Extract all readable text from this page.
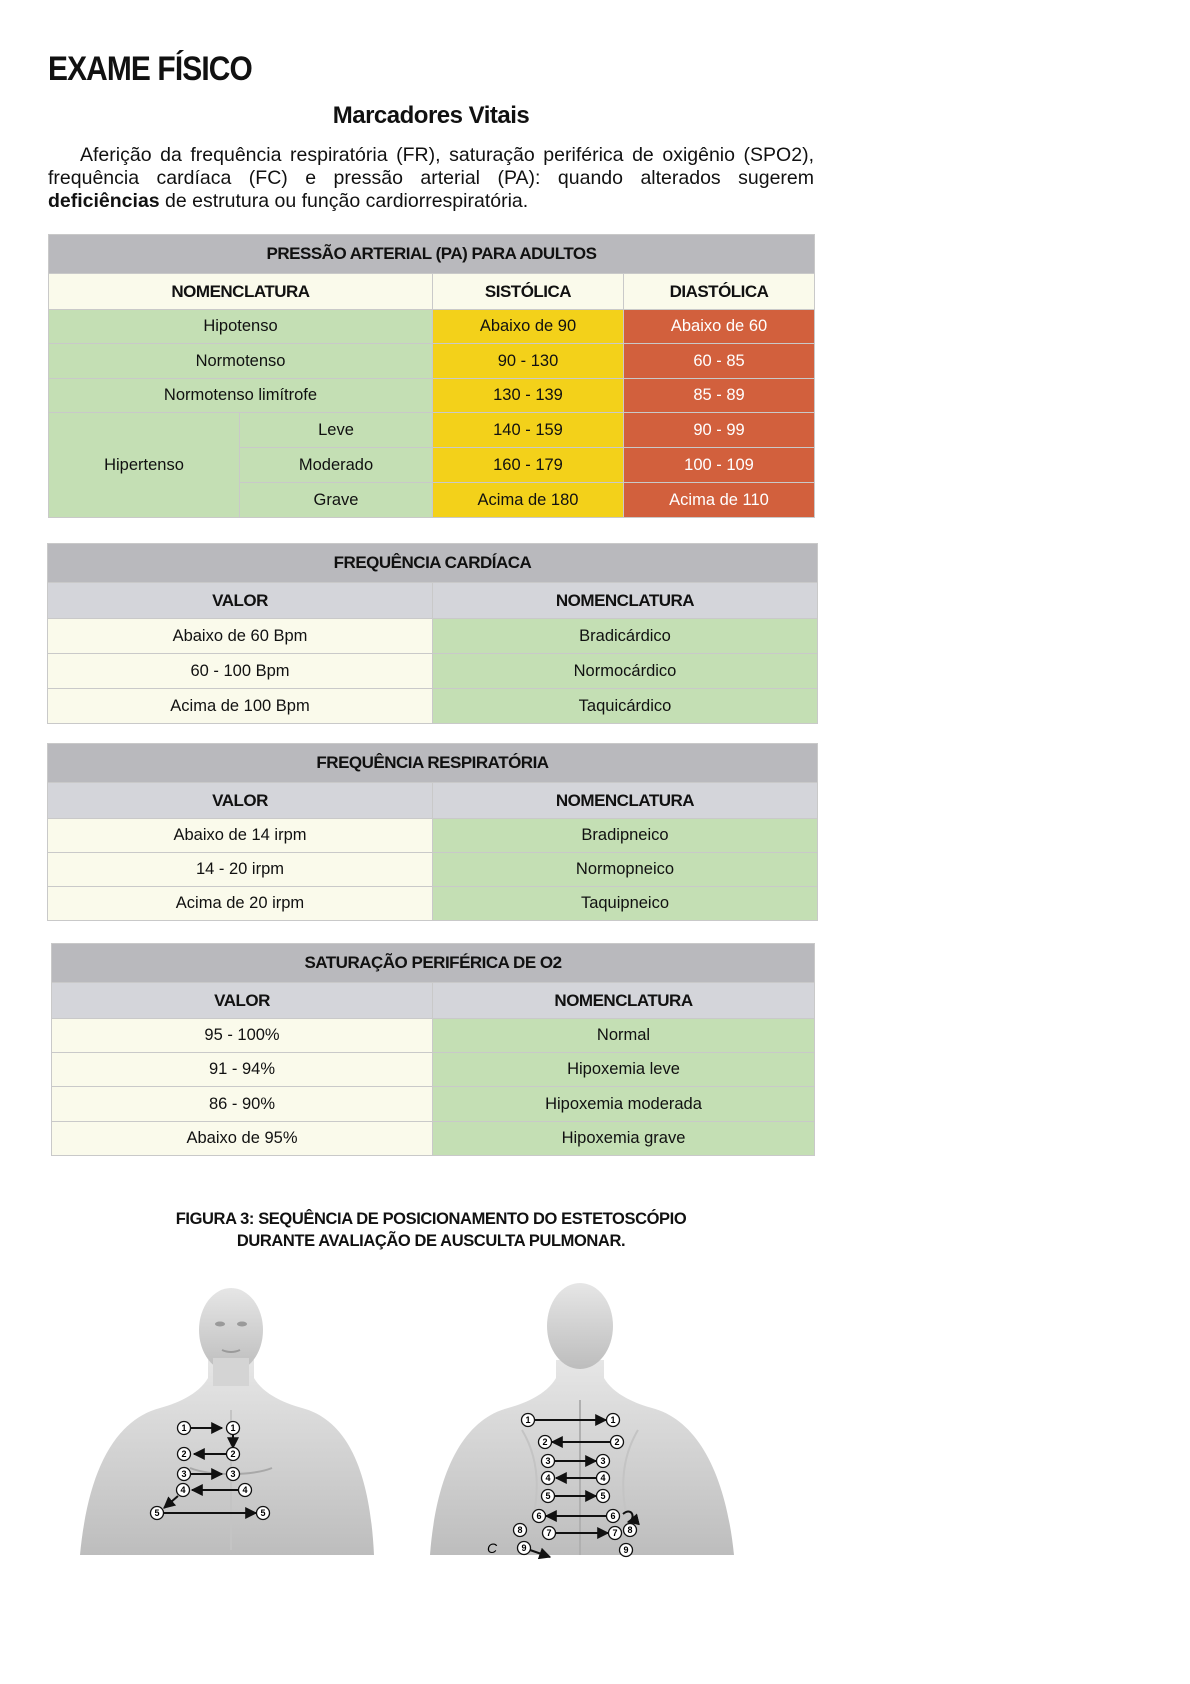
EXAME FÍSICO
Marcadores Vitais

Aferição da frequência respiratória (FR), saturação periférica de oxigênio (SPO2), frequência cardíaca (FC) e pressão arterial (PA): quando alterados sugerem deficiências de estrutura ou função cardiorrespiratória.

PRESSÃO ARTERIAL (PA) PARA ADULTOS			
NOMENCLATURA		SISTÓLICA	DIASTÓLICA
Hipotenso		Abaixo de 90	Abaixo de 60
Normotenso		90 - 130	60 - 85
Normotenso limítrofe		130 - 139	85 - 89
Hipertenso	Leve	140 - 159	90 - 99
	Moderado	160 - 179	100 - 109
	Grave	Acima de 180	Acima de 110
FREQUÊNCIA CARDÍACA	
VALOR	NOMENCLATURA
Abaixo de 60 Bpm	Bradicárdico
60 - 100 Bpm	Normocárdico
Acima de 100 Bpm	Taquicárdico
FREQUÊNCIA RESPIRATÓRIA	
VALOR	NOMENCLATURA
Abaixo de 14 irpm	Bradipneico
14 - 20 irpm	Normopneico
Acima de 20 irpm	Taquipneico
SATURAÇÃO PERIFÉRICA DE O2	
VALOR	NOMENCLATURA
95 - 100%	Normal
91 - 94%	Hipoxemia leve
86 - 90%	Hipoxemia moderada
Abaixo de 95%	Hipoxemia grave
FIGURA 3: SEQUÊNCIA DE POSICIONAMENTO DO ESTETOSCÓPIO
DURANTE AVALIAÇÃO DE AUSCULTA PULMONAR.
1	1
2	2
3	3
4	4
5	5
1	1
2	2
3	3
4	4
5	5
6	6
7	7
8	8
9	9
C
